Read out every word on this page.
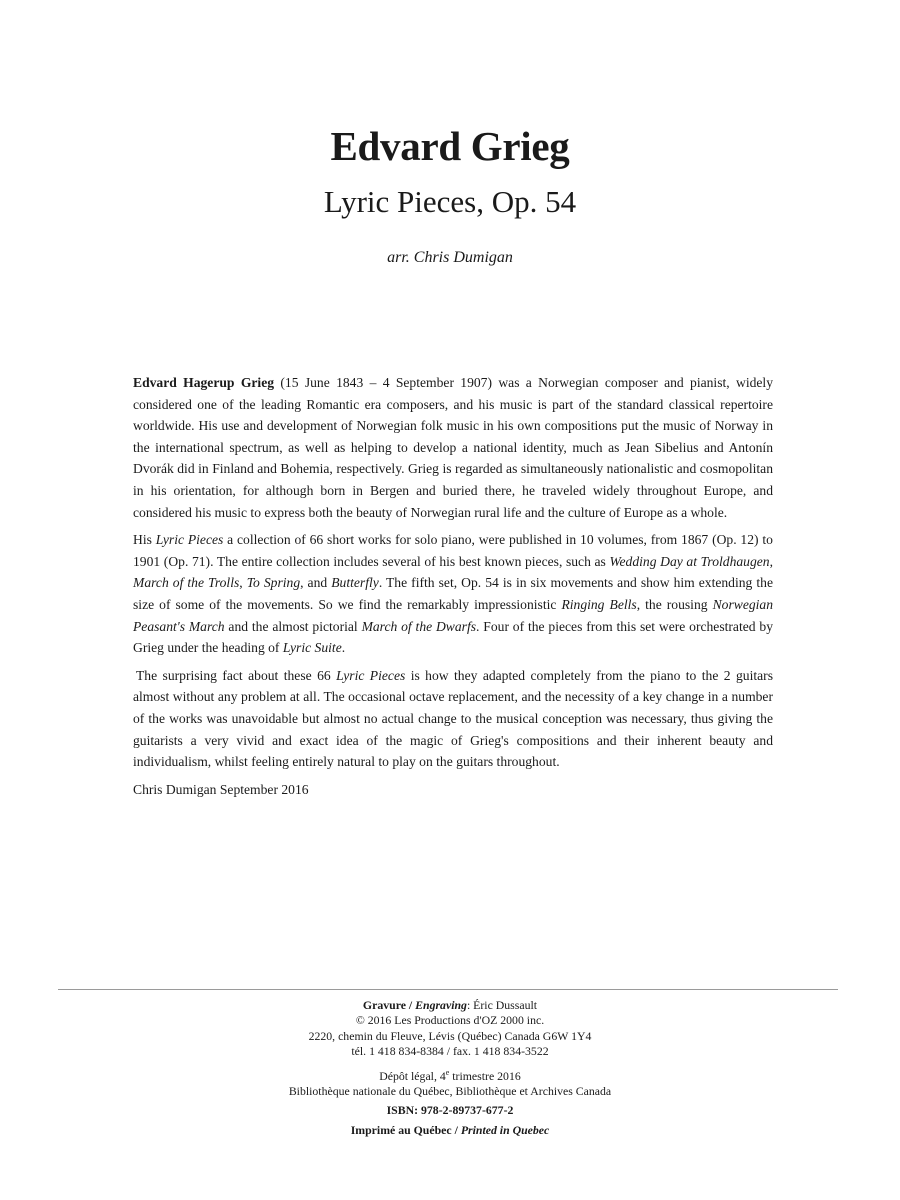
Edvard Grieg
Lyric Pieces, Op. 54
arr. Chris Dumigan

Edvard Hagerup Grieg (15 June 1843 – 4 September 1907) was a Norwegian composer and pianist, widely considered one of the leading Romantic era composers, and his music is part of the standard classical repertoire worldwide. His use and development of Norwegian folk music in his own compositions put the music of Norway in the international spectrum, as well as helping to develop a national identity, much as Jean Sibelius and Antonín Dvorák did in Finland and Bohemia, respectively. Grieg is regarded as simultaneously nationalistic and cosmopolitan in his orientation, for although born in Bergen and buried there, he traveled widely throughout Europe, and considered his music to express both the beauty of Norwegian rural life and the culture of Europe as a whole.

His Lyric Pieces a collection of 66 short works for solo piano, were published in 10 volumes, from 1867 (Op. 12) to 1901 (Op. 71). The entire collection includes several of his best known pieces, such as Wedding Day at Troldhaugen, March of the Trolls, To Spring, and Butterfly. The fifth set, Op. 54 is in six movements and show him extending the size of some of the movements. So we find the remarkably impressionistic Ringing Bells, the rousing Norwegian Peasant's March and the almost pictorial March of the Dwarfs. Four of the pieces from this set were orchestrated by Grieg under the heading of Lyric Suite.

The surprising fact about these 66 Lyric Pieces is how they adapted completely from the piano to the 2 guitars almost without any problem at all. The occasional octave replacement, and the necessity of a key change in a number of the works was unavoidable but almost no actual change to the musical conception was necessary, thus giving the guitarists a very vivid and exact idea of the magic of Grieg's compositions and their inherent beauty and individualism, whilst feeling entirely natural to play on the guitars throughout.

Chris Dumigan September 2016

Gravure / Engraving: Éric Dussault
© 2016 Les Productions d'OZ 2000 inc.
2220, chemin du Fleuve, Lévis (Québec) Canada G6W 1Y4
tél. 1 418 834-8384 / fax. 1 418 834-3522
Dépôt légal, 4e trimestre 2016
Bibliothèque nationale du Québec, Bibliothèque et Archives Canada
ISBN: 978-2-89737-677-2
Imprimé au Québec / Printed in Quebec
